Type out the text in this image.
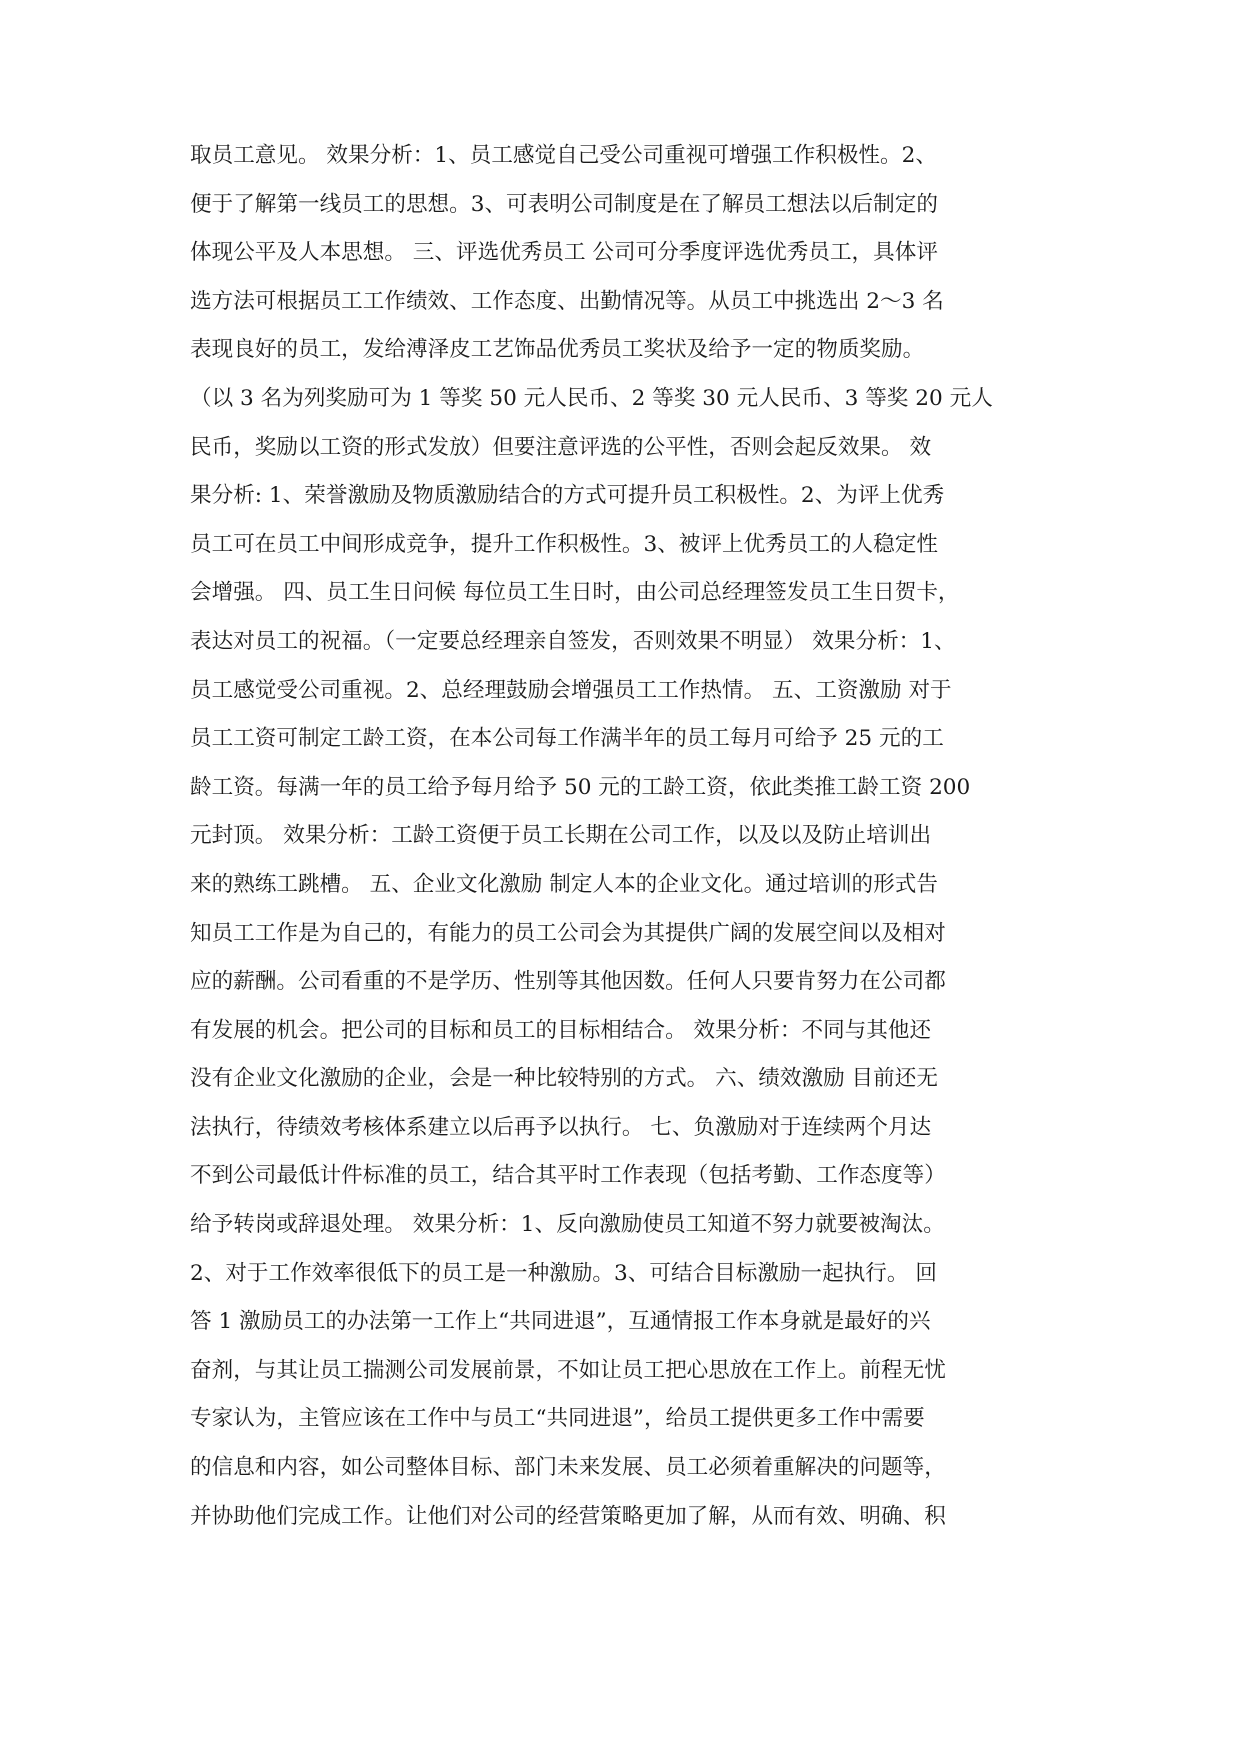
取员工意见。 效果分析：1、员工感觉自己受公司重视可增强工作积极性。2、
便于了解第一线员工的思想。3、可表明公司制度是在了解员工想法以后制定的
体现公平及人本思想。 三、评选优秀员工 公司可分季度评选优秀员工，具体评
选方法可根据员工工作绩效、工作态度、出勤情况等。从员工中挑选出 2～3 名
表现良好的员工，发给溥泽皮工艺饰品优秀员工奖状及给予一定的物质奖励。
（以 3 名为列奖励可为 1 等奖 50 元人民币、2 等奖 30 元人民币、3 等奖 20 元人
民币，奖励以工资的形式发放）但要注意评选的公平性，否则会起反效果。 效
果分析: 1、荣誉激励及物质激励结合的方式可提升员工积极性。2、为评上优秀
员工可在员工中间形成竞争，提升工作积极性。3、被评上优秀员工的人稳定性
会增强。 四、员工生日问候 每位员工生日时，由公司总经理签发员工生日贺卡，
表达对员工的祝福。（一定要总经理亲自签发，否则效果不明显） 效果分析：1、
员工感觉受公司重视。2、总经理鼓励会增强员工工作热情。 五、工资激励 对于
员工工资可制定工龄工资，在本公司每工作满半年的员工每月可给予 25 元的工
龄工资。每满一年的员工给予每月给予 50 元的工龄工资，依此类推工龄工资 200
元封顶。 效果分析：工龄工资便于员工长期在公司工作，以及以及防止培训出
来的熟练工跳槽。 五、企业文化激励 制定人本的企业文化。通过培训的形式告
知员工工作是为自己的，有能力的员工公司会为其提供广阔的发展空间以及相对
应的薪酬。公司看重的不是学历、性别等其他因数。任何人只要肯努力在公司都
有发展的机会。把公司的目标和员工的目标相结合。 效果分析：不同与其他还
没有企业文化激励的企业，会是一种比较特别的方式。 六、绩效激励 目前还无
法执行，待绩效考核体系建立以后再予以执行。 七、负激励对于连续两个月达
不到公司最低计件标准的员工，结合其平时工作表现（包括考勤、工作态度等）
给予转岗或辞退处理。 效果分析：1、反向激励使员工知道不努力就要被淘汰。
2、对于工作效率很低下的员工是一种激励。3、可结合目标激励一起执行。 回
答 1 激励员工的办法第一工作上“共同进退”，互通情报工作本身就是最好的兴
奋剂，与其让员工揣测公司发展前景，不如让员工把心思放在工作上。前程无忧
专家认为，主管应该在工作中与员工“共同进退”，给员工提供更多工作中需要
的信息和内容，如公司整体目标、部门未来发展、员工必须着重解决的问题等，
并协助他们完成工作。让他们对公司的经营策略更加了解，从而有效、明确、积
